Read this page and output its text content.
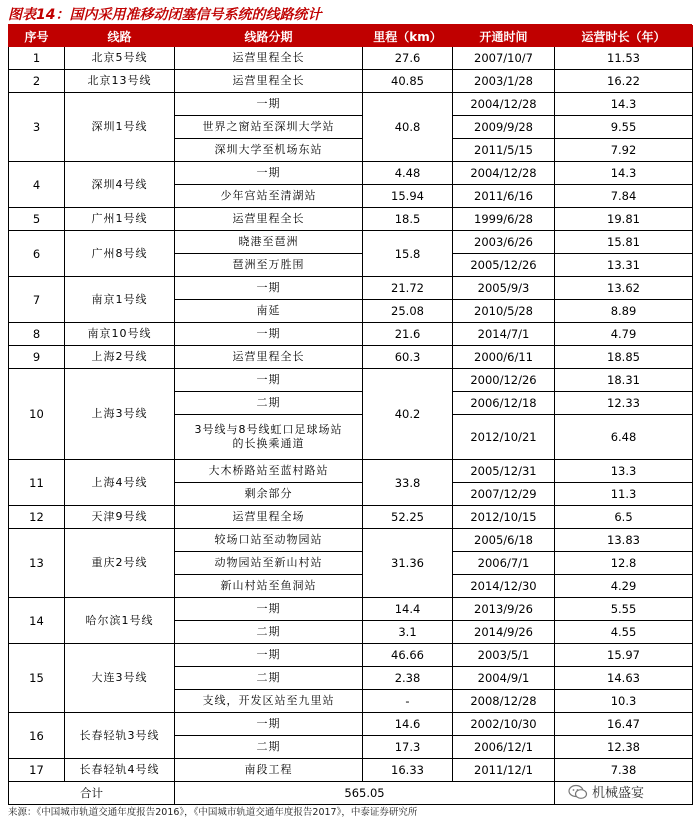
图表14：国内采用准移动闭塞信号系统的线路统计
序号	线路	线路分期	里程（km）	开通时间	运营时长（年）
1	北京5号线	运营里程全长	27.6	2007/10/7	11.53
2	北京13号线	运营里程全长	40.85	2003/1/28	16.22
3	深圳1号线	一期	40.8	2004/12/28	14.3
		世界之窗站至深圳大学站		2009/9/28	9.55
		深圳大学至机场东站		2011/5/15	7.92
4	深圳4号线	一期	4.48	2004/12/28	14.3
		少年宫站至清湖站	15.94	2011/6/16	7.84
5	广州1号线	运营里程全长	18.5	1999/6/28	19.81
6	广州8号线	晓港至琶洲	15.8	2003/6/26	15.81
		琶洲至万胜围		2005/12/26	13.31
7	南京1号线	一期	21.72	2005/9/3	13.62
		南延	25.08	2010/5/28	8.89
8	南京10号线	一期	21.6	2014/7/1	4.79
9	上海2号线	运营里程全长	60.3	2000/6/11	18.85
10	上海3号线	一期	40.2	2000/12/26	18.31
		二期		2006/12/18	12.33
		3号线与8号线虹口足球场站的长换乘通道		2012/10/21	6.48
11	上海4号线	大木桥路站至蓝村路站	33.8	2005/12/31	13.3
		剩余部分		2007/12/29	11.3
12	天津9号线	运营里程全场	52.25	2012/10/15	6.5
13	重庆2号线	较场口站至动物园站	31.36	2005/6/18	13.83
		动物园站至新山村站		2006/7/1	12.8
		新山村站至鱼洞站		2014/12/30	4.29
14	哈尔滨1号线	一期	14.4	2013/9/26	5.55
		二期	3.1	2014/9/26	4.55
15	大连3号线	一期	46.66	2003/5/1	15.97
		二期	2.38	2004/9/1	14.63
		支线，开发区站至九里站	-	2008/12/28	10.3
16	长春轻轨3号线	一期	14.6	2002/10/30	16.47
		二期	17.3	2006/12/1	12.38
17	长春轻轨4号线	南段工程	16.33	2011/12/1	7.38
合计		565.05				机械盛宴
来源：《中国城市轨道交通年度报告2016》，《中国城市轨道交通年度报告2017》，中泰证券研究所
